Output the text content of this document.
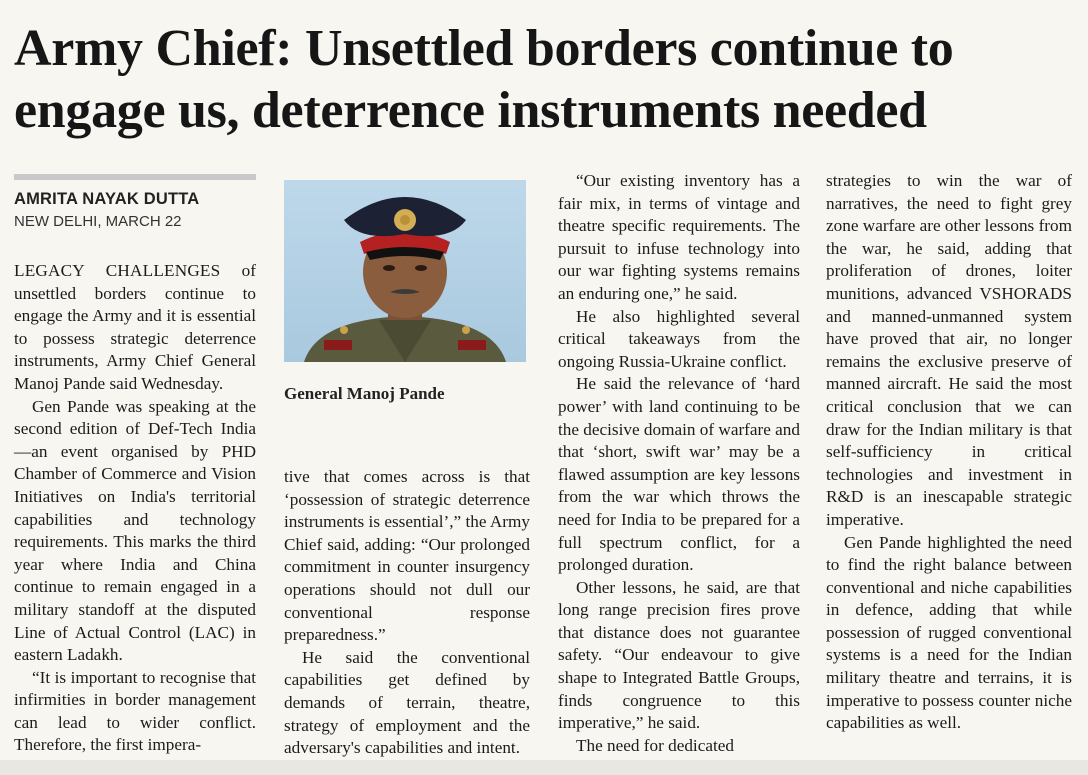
Army Chief: Unsettled borders continue to engage us, deterrence instruments needed
AMRITA NAYAK DUTTA
NEW DELHI, MARCH 22

LEGACY CHALLENGES of unsettled borders continue to engage the Army and it is essential to possess strategic deterrence instruments, Army Chief General Manoj Pande said Wednesday.

Gen Pande was speaking at the second edition of Def-Tech India—an event organised by PHD Chamber of Commerce and Vision Initiatives on India's territorial capabilities and technology requirements. This marks the third year where India and China continue to remain engaged in a military standoff at the disputed Line of Actual Control (LAC) in eastern Ladakh.

“It is important to recognise that infirmities in border management can lead to wider conflict. Therefore, the first impera-

General Manoj Pande

tive that comes across is that ‘possession of strategic deterrence instruments is essential’,” the Army Chief said, adding: “Our prolonged commitment in counter insurgency operations should not dull our conventional response preparedness.”

He said the conventional capabilities get defined by demands of terrain, theatre, strategy of employment and the adversary's capabilities and intent.

“Our existing inventory has a fair mix, in terms of vintage and theatre specific requirements. The pursuit to infuse technology into our war fighting systems remains an enduring one,” he said.

He also highlighted several critical takeaways from the ongoing Russia-Ukraine conflict.

He said the relevance of ‘hard power’ with land continuing to be the decisive domain of warfare and that ‘short, swift war’ may be a flawed assumption are key lessons from the war which throws the need for India to be prepared for a full spectrum conflict, for a prolonged duration.

Other lessons, he said, are that long range precision fires prove that distance does not guarantee safety. “Our endeavour to give shape to Integrated Battle Groups, finds congruence to this imperative,” he said.

The need for dedicated

strategies to win the war of narratives, the need to fight grey zone warfare are other lessons from the war, he said, adding that proliferation of drones, loiter munitions, advanced VSHORADS and manned-unmanned system have proved that air, no longer remains the exclusive preserve of manned aircraft. He said the most critical conclusion that we can draw for the Indian military is that self-sufficiency in critical technologies and investment in R&D is an inescapable strategic imperative.

Gen Pande highlighted the need to find the right balance between conventional and niche capabilities in defence, adding that while possession of rugged conventional systems is a need for the Indian military theatre and terrains, it is imperative to possess counter niche capabilities as well.
